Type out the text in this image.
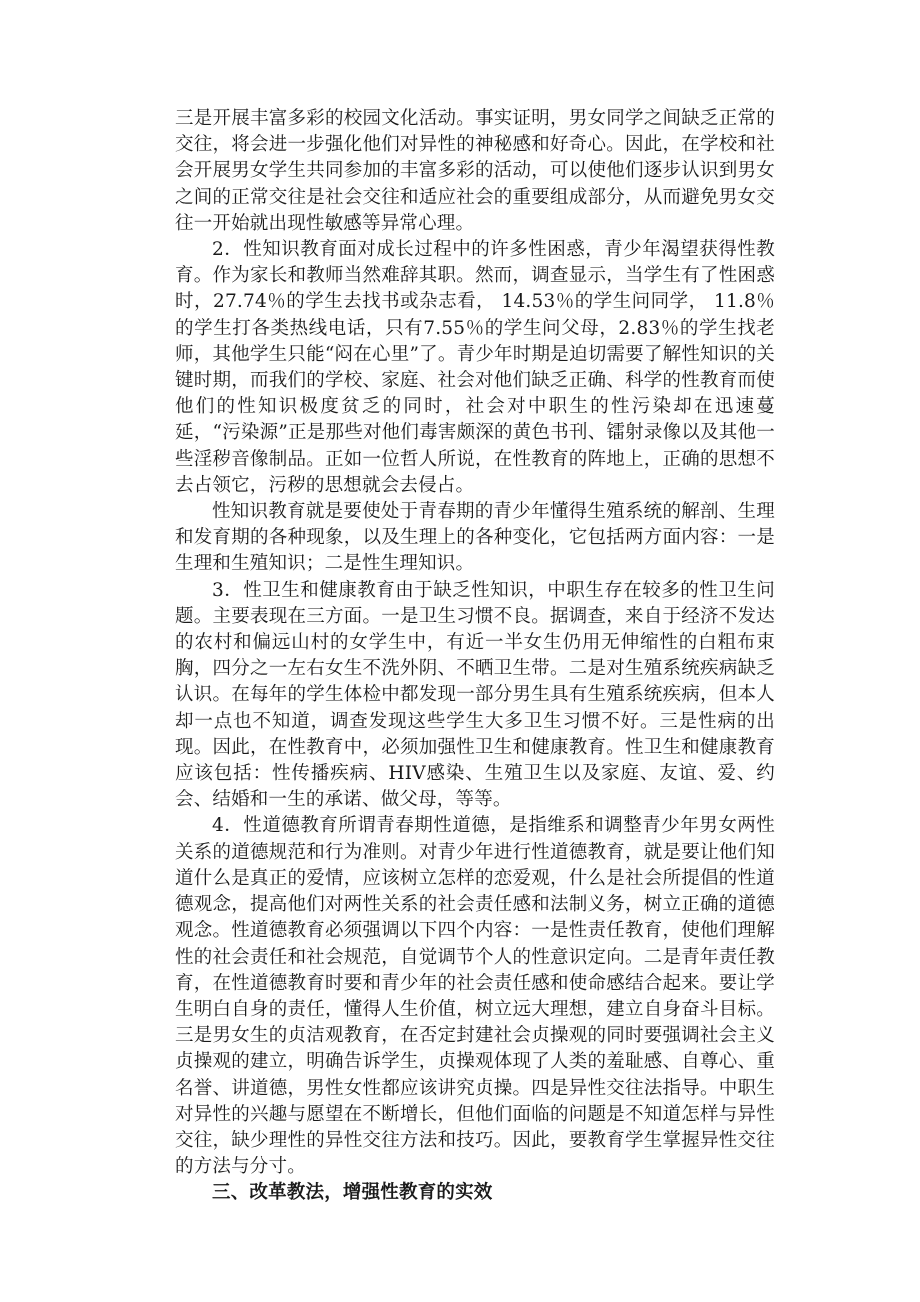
三是开展丰富多彩的校园文化活动。事实证明，男女同学之间缺乏正常的交往，将会进一步强化他们对异性的神秘感和好奇心。因此，在学校和社会开展男女学生共同参加的丰富多彩的活动，可以使他们逐步认识到男女之间的正常交往是社会交往和适应社会的重要组成部分，从而避免男女交往一开始就出现性敏感等异常心理。

2．性知识教育面对成长过程中的许多性困惑，青少年渴望获得性教育。作为家长和教师当然难辞其职。然而，调查显示，当学生有了性困惑时，27.74％的学生去找书或杂志看， 14.53％的学生问同学， 11.8％的学生打各类热线电话，只有7.55％的学生问父母，2.83％的学生找老师，其他学生只能“闷在心里”了。青少年时期是迫切需要了解性知识的关键时期，而我们的学校、家庭、社会对他们缺乏正确、科学的性教育而使他们的性知识极度贫乏的同时，社会对中职生的性污染却在迅速蔓延，“污染源”正是那些对他们毒害颇深的黄色书刊、镭射录像以及其他一些淫秽音像制品。正如一位哲人所说，在性教育的阵地上，正确的思想不去占领它，污秽的思想就会去侵占。

性知识教育就是要使处于青春期的青少年懂得生殖系统的解剖、生理和发育期的各种现象，以及生理上的各种变化，它包括两方面内容：一是生理和生殖知识；二是性生理知识。

3．性卫生和健康教育由于缺乏性知识，中职生存在较多的性卫生问题。主要表现在三方面。一是卫生习惯不良。据调查，来自于经济不发达的农村和偏远山村的女学生中，有近一半女生仍用无伸缩性的白粗布束胸，四分之一左右女生不洗外阴、不晒卫生带。二是对生殖系统疾病缺乏认识。在每年的学生体检中都发现一部分男生具有生殖系统疾病，但本人却一点也不知道，调查发现这些学生大多卫生习惯不好。三是性病的出现。因此，在性教育中，必须加强性卫生和健康教育。性卫生和健康教育应该包括：性传播疾病、HIV感染、生殖卫生以及家庭、友谊、爱、约会、结婚和一生的承诺、做父母，等等。

4．性道德教育所谓青春期性道德，是指维系和调整青少年男女两性关系的道德规范和行为准则。对青少年进行性道德教育，就是要让他们知道什么是真正的爱情，应该树立怎样的恋爱观，什么是社会所提倡的性道德观念，提高他们对两性关系的社会责任感和法制义务，树立正确的道德观念。性道德教育必须强调以下四个内容：一是性责任教育，使他们理解性的社会责任和社会规范，自觉调节个人的性意识定向。二是青年责任教育，在性道德教育时要和青少年的社会责任感和使命感结合起来。要让学生明白自身的责任，懂得人生价值，树立远大理想，建立自身奋斗目标。三是男女生的贞洁观教育，在否定封建社会贞操观的同时要强调社会主义贞操观的建立，明确告诉学生，贞操观体现了人类的羞耻感、自尊心、重名誉、讲道德，男性女性都应该讲究贞操。四是异性交往法指导。中职生对异性的兴趣与愿望在不断增长，但他们面临的问题是不知道怎样与异性交往，缺少理性的异性交往方法和技巧。因此，要教育学生掌握异性交往的方法与分寸。

三、改革教法，增强性教育的实效
